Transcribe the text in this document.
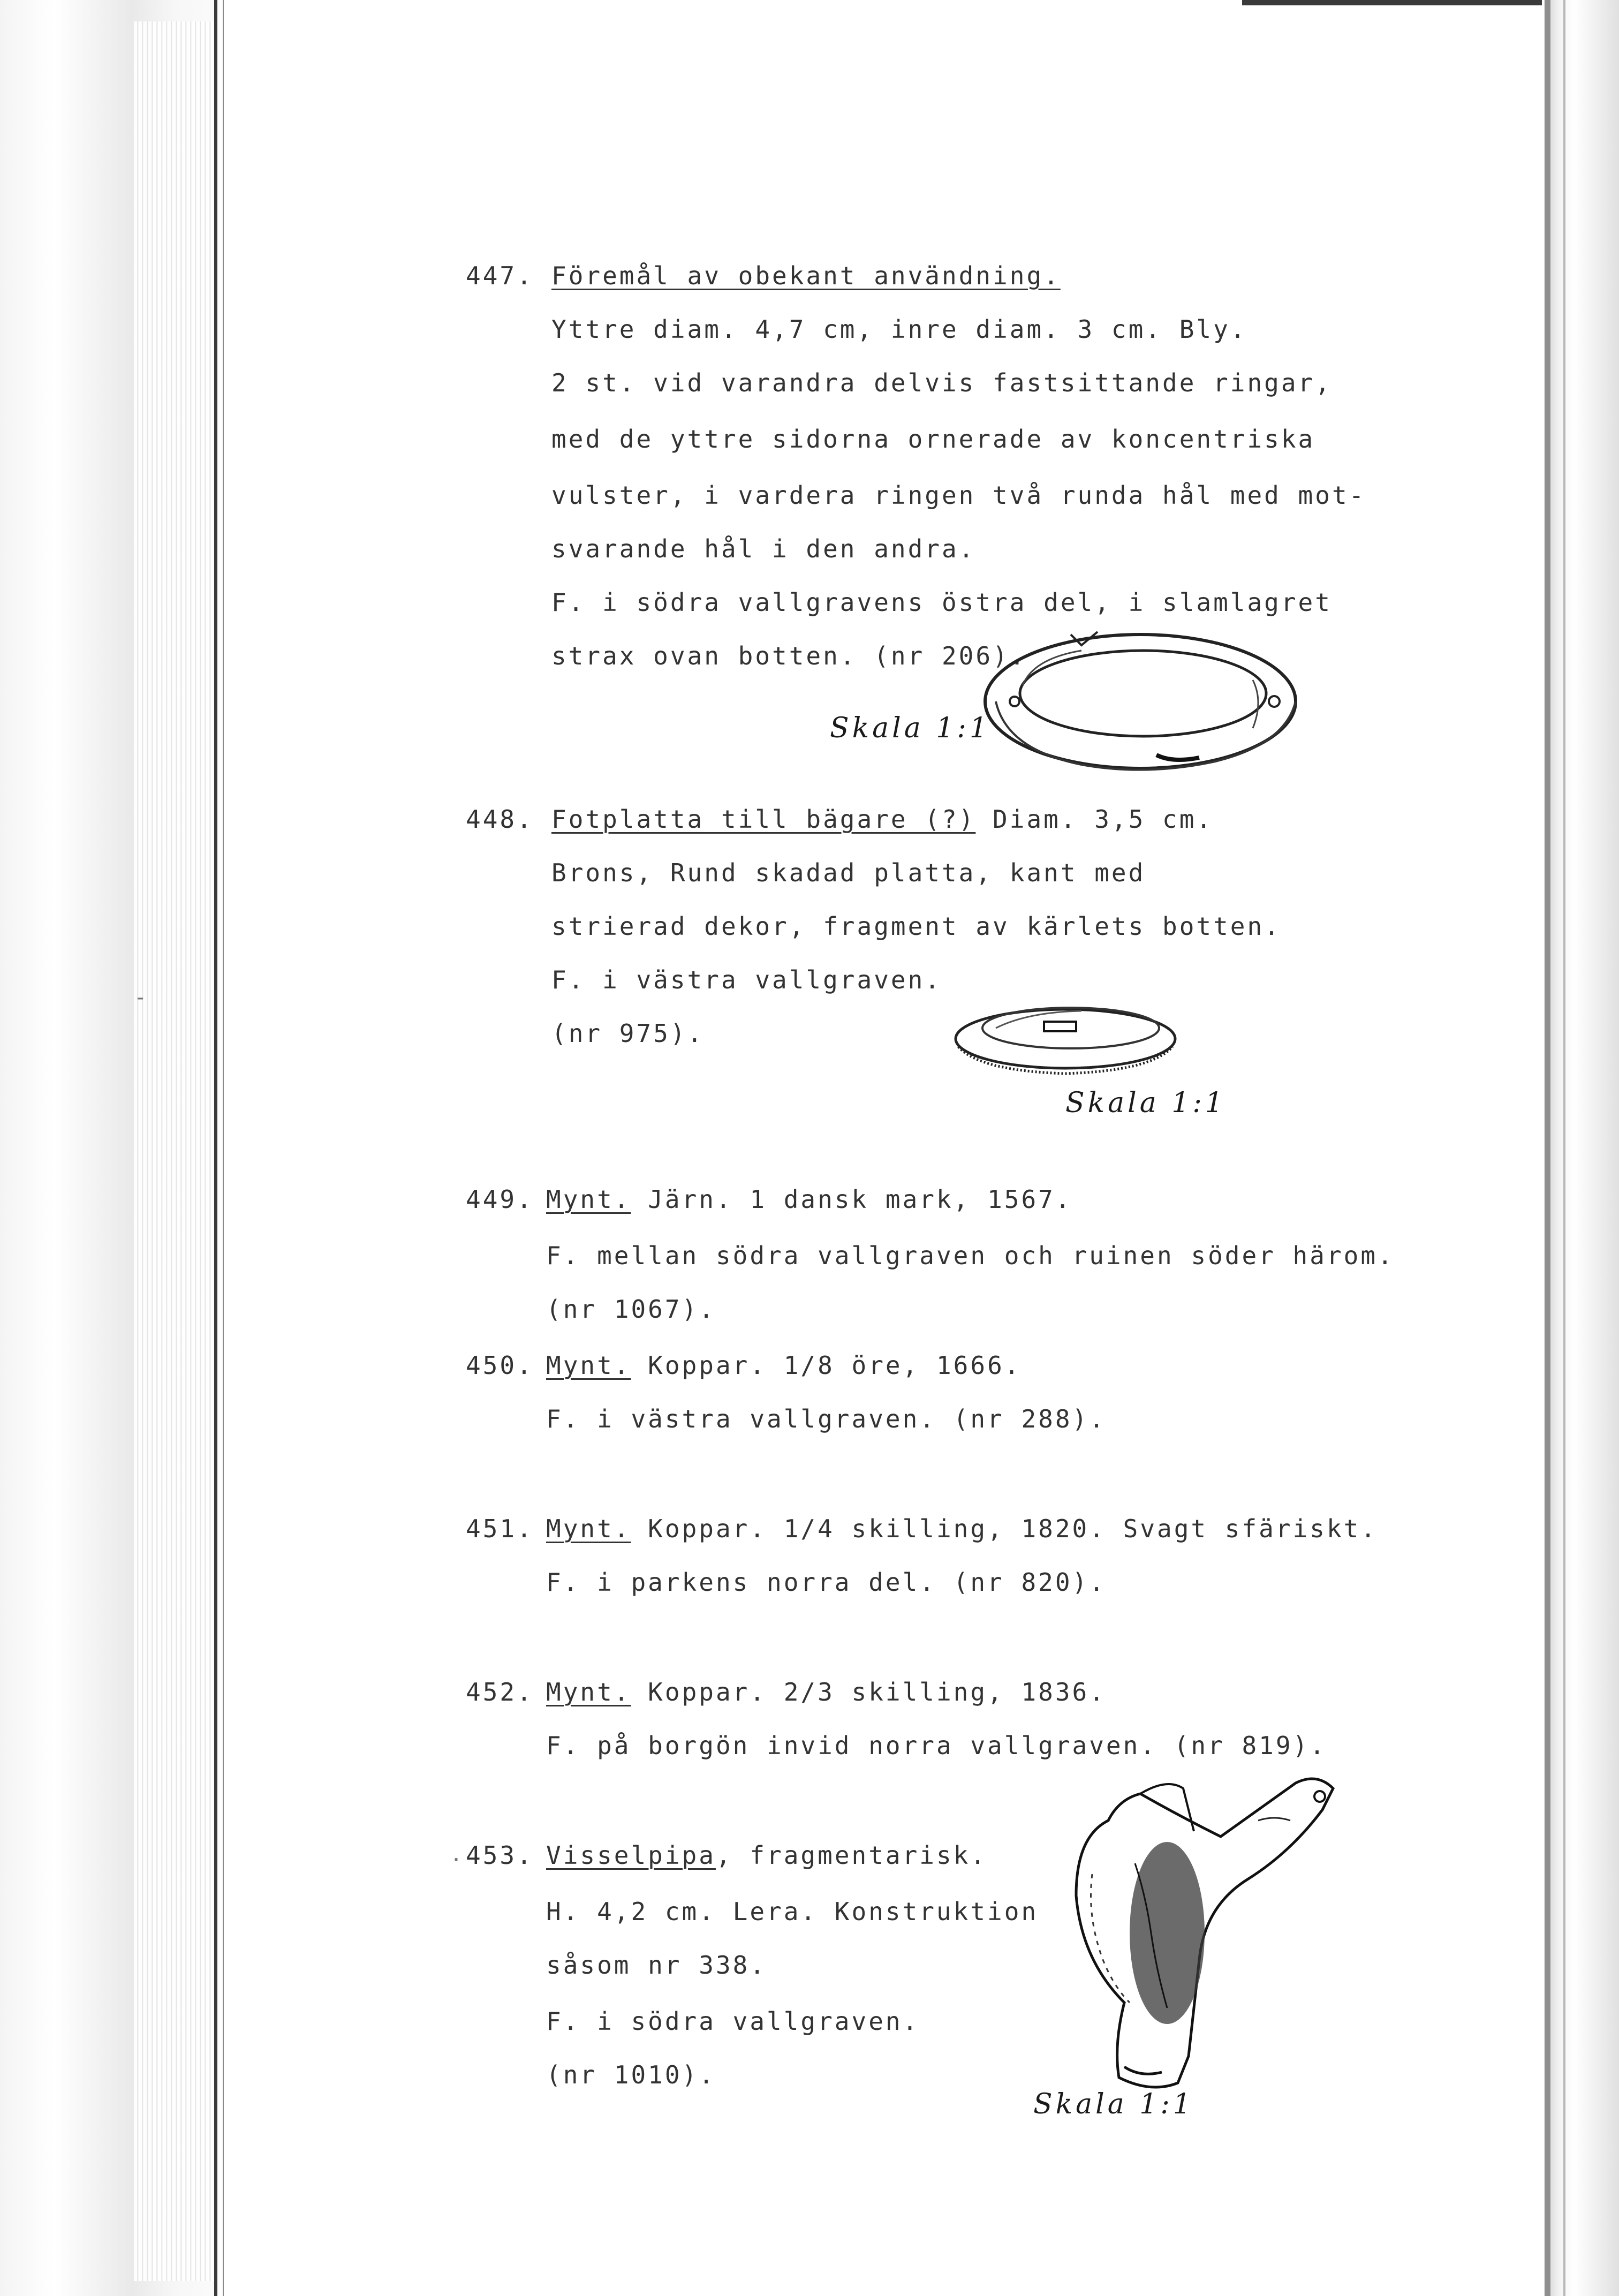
447. Föremål av obekant användning.
Yttre diam. 4,7 cm, inre diam. 3 cm. Bly.
2 st. vid varandra delvis fastsittande ringar,
med de yttre sidorna ornerade av koncentriska
vulster, i vardera ringen två runda hål med mot-
svarande hål i den andra.
F. i södra vallgravens östra del, i slamlagret
strax ovan botten. (nr 206).
Skala 1:1
448. Fotplatta till bägare (?) Diam. 3,5 cm.
Brons, Rund skadad platta, kant med
strierad dekor, fragment av kärlets botten.
F. i västra vallgraven.
(nr 975).
Skala 1:1
449. Mynt. Järn. 1 dansk mark, 1567.
F. mellan södra vallgraven och ruinen söder härom.
(nr 1067).
450. Mynt. Koppar. 1/8 öre, 1666.
F. i västra vallgraven. (nr 288).
451. Mynt. Koppar. 1/4 skilling, 1820. Svagt sfäriskt.
F. i parkens norra del. (nr 820).
452. Mynt. Koppar. 2/3 skilling, 1836.
F. på borgön invid norra vallgraven. (nr 819).
453. Visselpipa, fragmentarisk.
H. 4,2 cm. Lera. Konstruktion
såsom nr 338.
F. i södra vallgraven.
(nr 1010).
Skala 1:1
.
-
